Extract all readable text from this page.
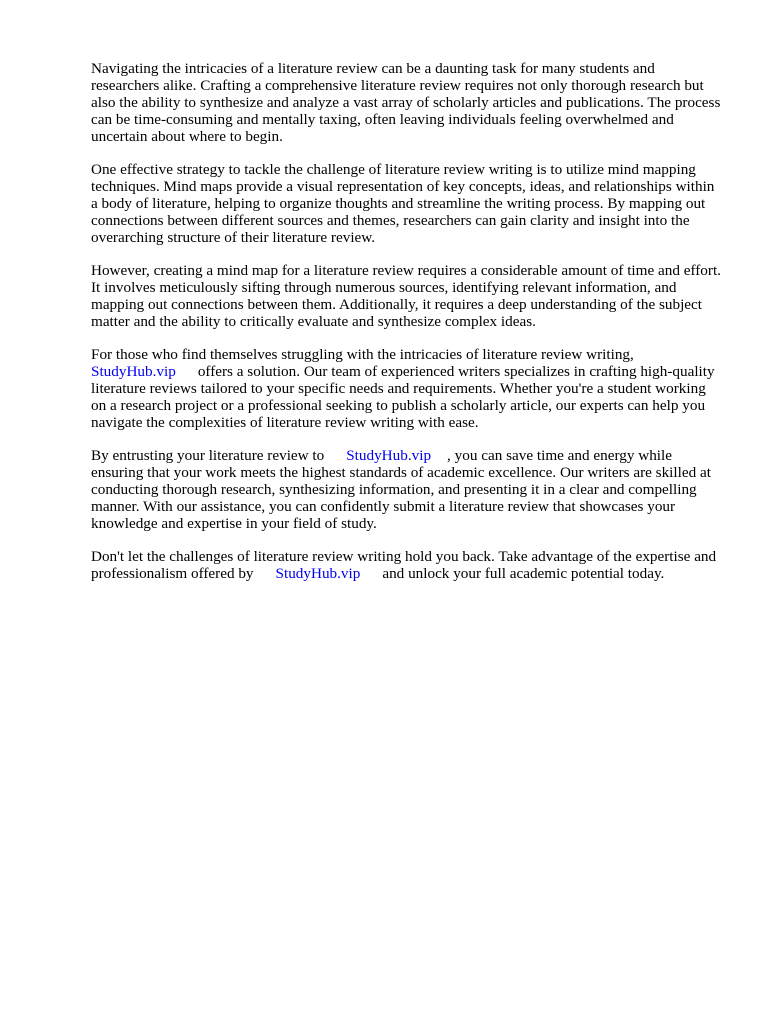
Navigating the intricacies of a literature review can be a daunting task for many students and researchers alike. Crafting a comprehensive literature review requires not only thorough research but also the ability to synthesize and analyze a vast array of scholarly articles and publications. The process can be time-consuming and mentally taxing, often leaving individuals feeling overwhelmed and uncertain about where to begin.

One effective strategy to tackle the challenge of literature review writing is to utilize mind mapping techniques. Mind maps provide a visual representation of key concepts, ideas, and relationships within a body of literature, helping to organize thoughts and streamline the writing process. By mapping out connections between different sources and themes, researchers can gain clarity and insight into the overarching structure of their literature review.

However, creating a mind map for a literature review requires a considerable amount of time and effort. It involves meticulously sifting through numerous sources, identifying relevant information, and mapping out connections between them. Additionally, it requires a deep understanding of the subject matter and the ability to critically evaluate and synthesize complex ideas.

For those who find themselves struggling with the intricacies of literature review writing,
StudyHub.vip offers a solution. Our team of experienced writers specializes in crafting high-quality literature reviews tailored to your specific needs and requirements. Whether you're a student working on a research project or a professional seeking to publish a scholarly article, our experts can help you navigate the complexities of literature review writing with ease.

By entrusting your literature review to StudyHub.vip , you can save time and energy while ensuring that your work meets the highest standards of academic excellence. Our writers are skilled at conducting thorough research, synthesizing information, and presenting it in a clear and compelling manner. With our assistance, you can confidently submit a literature review that showcases your knowledge and expertise in your field of study.

Don't let the challenges of literature review writing hold you back. Take advantage of the expertise and professionalism offered by StudyHub.vip and unlock your full academic potential today.
